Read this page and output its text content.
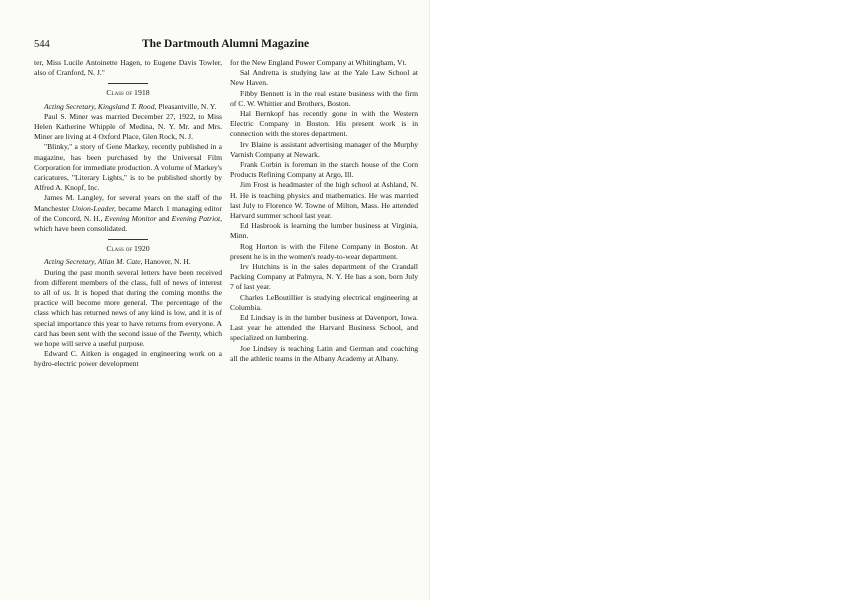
544	The Dartmouth Alumni Magazine

ter, Miss Lucile Antoinette Hagen, to Eugene Davis Towler, also of Cranford, N. J."

Class of 1918

Acting Secretary, Kingsland T. Rood, Pleasantville, N. Y.

Paul S. Miner was married December 27, 1922, to Miss Helen Katherine Whipple of Medina, N. Y. Mr. and Mrs. Miner are living at 4 Oxford Place, Glen Rock, N. J.

"Blinky," a story of Gene Markey, recently published in a magazine, has been purchased by the Universal Film Corporation for immediate production. A volume of Markey's caricatures, "Literary Lights," is to be published shortly by Alfred A. Knopf, Inc.

James M. Langley, for several years on the staff of the Manchester Union-Leader, became March 1 managing editor of the Concord, N. H., Evening Monitor and Evening Patriot, which have been consolidated.

Class of 1920

Acting Secretary, Allan M. Cate, Hanover, N. H.

During the past month several letters have been received from different members of the class, full of news of interest to all of us. It is hoped that during the coming months the practice will become more general. The percentage of the class which has returned news of any kind is low, and it is of special importance this year to have returns from everyone. A card has been sent with the second issue of the Twenty, which we hope will serve a useful purpose.

Edward C. Aitken is engaged in engineering work on a hydro-electric power development

for the New England Power Company at Whitingham, Vt.

Sal Andretta is studying law at the Yale Law School at New Haven.

Fibby Bennett is in the real estate business with the firm of C. W. Whittier and Brothers, Boston.

Hal Bernkopf has recently gone in with the Western Electric Company in Boston. His present work is in connection with the stores department.

Irv Blaine is assistant advertising manager of the Murphy Varnish Company at Newark.

Frank Corbin is foreman in the starch house of the Corn Products Refining Company at Argo, Ill.

Jim Frost is headmaster of the high school at Ashland, N. H. He is teaching physics and mathematics. He was married last July to Florence W. Towne of Milton, Mass. He attended Harvard summer school last year.

Ed Hasbrook is learning the lumber business at Virginia, Minn.

Rog Horton is with the Filene Company in Boston. At present he is in the women's ready-to-wear department.

Irv Hutchins is in the sales department of the Crandall Packing Company at Palmyra, N. Y. He has a son, born July 7 of last year.

Charles LeBoutillier is studying electrical engineering at Columbia.

Ed Lindsay is in the lumber business at Davenport, Iowa. Last year he attended the Harvard Business School, and specialized on lumbering.

Joe Lindsey is teaching Latin and German and coaching all the athletic teams in the Albany Academy at Albany.
